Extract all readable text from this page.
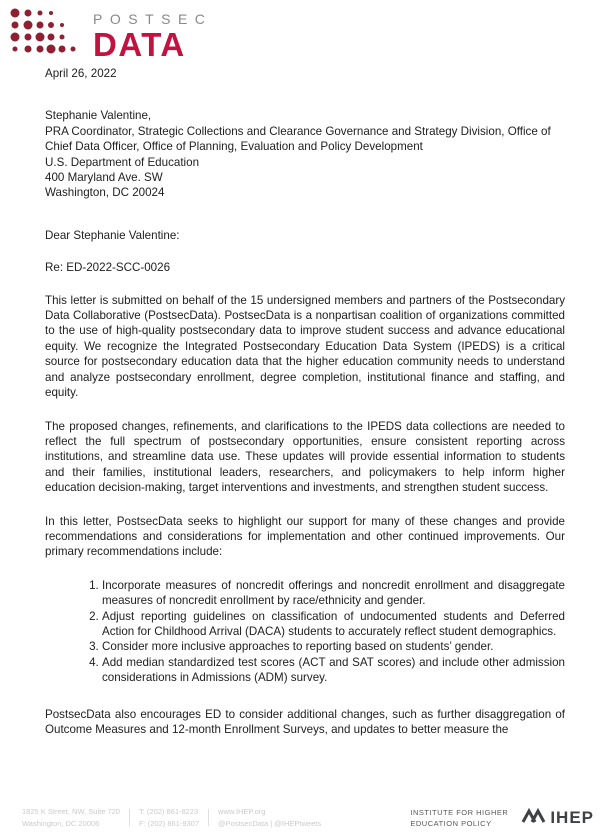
POSTSEC
DATA
April 26, 2022
Stephanie Valentine,
PRA Coordinator, Strategic Collections and Clearance Governance and Strategy Division, Office of Chief Data Officer, Office of Planning, Evaluation and Policy Development
U.S. Department of Education
400 Maryland Ave. SW
Washington, DC 20024
Dear Stephanie Valentine:
Re: ED-2022-SCC-0026

This letter is submitted on behalf of the 15 undersigned members and partners of the Postsecondary Data Collaborative (PostsecData). PostsecData is a nonpartisan coalition of organizations committed to the use of high-quality postsecondary data to improve student success and advance educational equity. We recognize the Integrated Postsecondary Education Data System (IPEDS) is a critical source for postsecondary education data that the higher education community needs to understand and analyze postsecondary enrollment, degree completion, institutional finance and staffing, and equity.

The proposed changes, refinements, and clarifications to the IPEDS data collections are needed to reflect the full spectrum of postsecondary opportunities, ensure consistent reporting across institutions, and streamline data use. These updates will provide essential information to students and their families, institutional leaders, researchers, and policymakers to help inform higher education decision-making, target interventions and investments, and strengthen student success.

In this letter, PostsecData seeks to highlight our support for many of these changes and provide recommendations and considerations for implementation and other continued improvements. Our primary recommendations include:

1. Incorporate measures of noncredit offerings and noncredit enrollment and disaggregate measures of noncredit enrollment by race/ethnicity and gender.
2. Adjust reporting guidelines on classification of undocumented students and Deferred Action for Childhood Arrival (DACA) students to accurately reflect student demographics.
3. Consider more inclusive approaches to reporting based on students’ gender.
4. Add median standardized test scores (ACT and SAT scores) and include other admission considerations in Admissions (ADM) survey.

PostsecData also encourages ED to consider additional changes, such as further disaggregation of Outcome Measures and 12-month Enrollment Surveys, and updates to better measure the

1825 K Street, NW, Suite 720
Washington, DC 20006
T: (202) 861-8223
F: (202) 861-9307
www.IHEP.org
@PostsecData | @IHEPtweets
INSTITUTE FOR HIGHER
EDUCATION POLICY	IHEP
